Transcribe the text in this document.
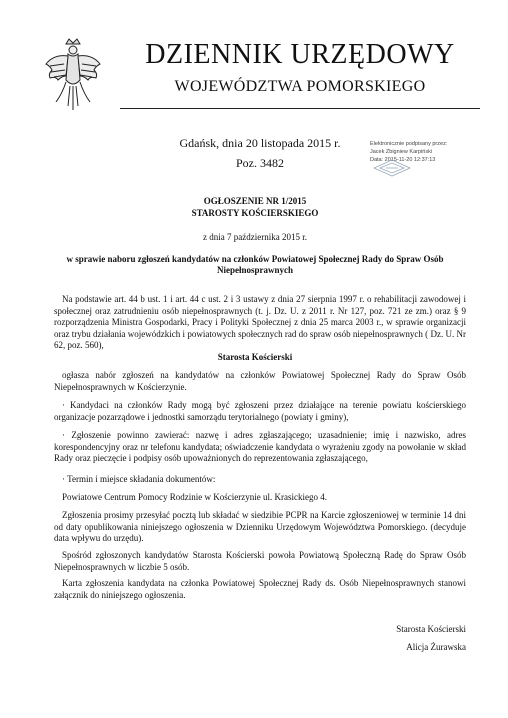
DZIENNIK URZĘDOWY
WOJEWÓDZTWA POMORSKIEGO
Gdańsk, dnia 20 listopada 2015 r.
Poz. 3482
Elektronicznie podpisany przez:
Jacek Zbigniew Karpiński
Data: 2015-11-20 12:37:13
OGŁOSZENIE NR 1/2015
STAROSTY KOŚCIERSKIEGO
z dnia 7 października 2015 r.
w sprawie naboru zgłoszeń kandydatów na członków Powiatowej Społecznej Rady do Spraw Osób
Niepełnosprawnych
Na podstawie art. 44 b ust. 1 i art. 44 c ust. 2 i 3 ustawy z dnia 27 sierpnia 1997 r. o rehabilitacji zawodowej i społecznej oraz zatrudnieniu osób niepełnosprawnych (t. j. Dz. U. z 2011 r. Nr 127, poz. 721 ze zm.) oraz § 9 rozporządzenia Ministra Gospodarki, Pracy i Polityki Społecznej z dnia 25 marca 2003 r., w sprawie organizacji oraz trybu działania wojewódzkich i powiatowych społecznych rad do spraw osób niepełnosprawnych ( Dz. U. Nr 62, poz. 560),
Starosta Kościerski
ogłasza nabór zgłoszeń na kandydatów na członków Powiatowej Społecznej Rady do Spraw Osób Niepełnosprawnych w Kościerzynie.
· Kandydaci na członków Rady mogą być zgłoszeni przez działające na terenie powiatu kościerskiego organizacje pozarządowe i jednostki samorządu terytorialnego (powiaty i gminy),
· Zgłoszenie powinno zawierać: nazwę i adres zgłaszającego; uzasadnienie; imię i nazwisko, adres korespondencyjny oraz nr telefonu kandydata; oświadczenie kandydata o wyrażeniu zgody na powołanie w skład Rady oraz pieczęcie i podpisy osób upoważnionych do reprezentowania zgłaszającego,
· Termin i miejsce składania dokumentów:
Powiatowe Centrum Pomocy Rodzinie w Kościerzynie ul. Krasickiego 4.
Zgłoszenia prosimy przesyłać pocztą lub składać w siedzibie PCPR na Karcie zgłoszeniowej w terminie 14 dni od daty opublikowania niniejszego ogłoszenia w Dzienniku Urzędowym Województwa Pomorskiego. (decyduje data wpływu do urzędu).
Spośród zgłoszonych kandydatów Starosta Kościerski powoła Powiatową Społeczną Radę do Spraw Osób Niepełnosprawnych w liczbie 5 osób.
Karta zgłoszenia kandydata na członka Powiatowej Społecznej Rady ds. Osób Niepełnosprawnych stanowi załącznik do niniejszego ogłoszenia.
Starosta Kościerski
Alicja Żurawska
